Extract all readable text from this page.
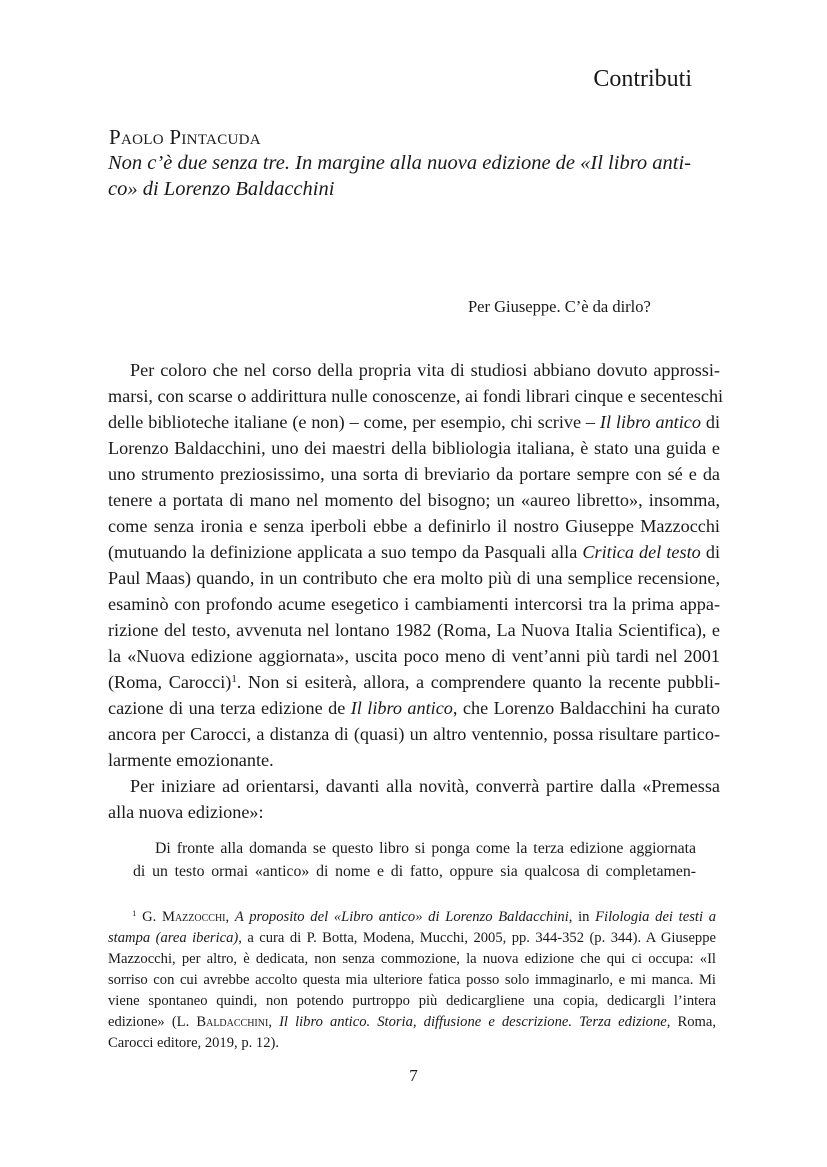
Contributi
Paolo Pintacuda
Non c’è due senza tre. In margine alla nuova edizione de «Il libro anti-
co» di Lorenzo Baldacchini
Per Giuseppe. C’è da dirlo?
Per coloro che nel corso della propria vita di studiosi abbiano dovuto approssi-
marsi, con scarse o addirittura nulle conoscenze, ai fondi librari cinque e secenteschi
delle biblioteche italiane (e non) – come, per esempio, chi scrive – Il libro antico di
Lorenzo Baldacchini, uno dei maestri della bibliologia italiana, è stato una guida e
uno strumento preziosissimo, una sorta di breviario da portare sempre con sé e da
tenere a portata di mano nel momento del bisogno; un «aureo libretto», insomma,
come senza ironia e senza iperboli ebbe a definirlo il nostro Giuseppe Mazzocchi
(mutuando la definizione applicata a suo tempo da Pasquali alla Critica del testo di
Paul Maas) quando, in un contributo che era molto più di una semplice recensione,
esaminò con profondo acume esegetico i cambiamenti intercorsi tra la prima appa-
rizione del testo, avvenuta nel lontano 1982 (Roma, La Nuova Italia Scientifica), e
la «Nuova edizione aggiornata», uscita poco meno di vent’anni più tardi nel 2001
(Roma, Carocci)$^1$. Non si esiterà, allora, a comprendere quanto la recente pubbli-
cazione di una terza edizione de Il libro antico, che Lorenzo Baldacchini ha curato
ancora per Carocci, a distanza di (quasi) un altro ventennio, possa risultare partico-
larmente emozionante.
Per iniziare ad orientarsi, davanti alla novità, converrà partire dalla «Premessa
alla nuova edizione»:
Di fronte alla domanda se questo libro si ponga come la terza edizione aggiornata
di un testo ormai «antico» di nome e di fatto, oppure sia qualcosa di completamen-
$^1$ G. Mazzocchi, A proposito del «Libro antico» di Lorenzo Baldacchini, in Filologia dei testi a
stampa (area iberica), a cura di P. Botta, Modena, Mucchi, 2005, pp. 344-352 (p. 344). A Giuseppe
Mazzocchi, per altro, è dedicata, non senza commozione, la nuova edizione che qui ci occupa: «Il
sorriso con cui avrebbe accolto questa mia ulteriore fatica posso solo immaginarlo, e mi manca. Mi
viene spontaneo quindi, non potendo purtroppo più dedicargliene una copia, dedicargli l’intera
edizione» (L. Baldacchini, Il libro antico. Storia, diffusione e descrizione. Terza edizione, Roma,
Carocci editore, 2019, p. 12).
7
